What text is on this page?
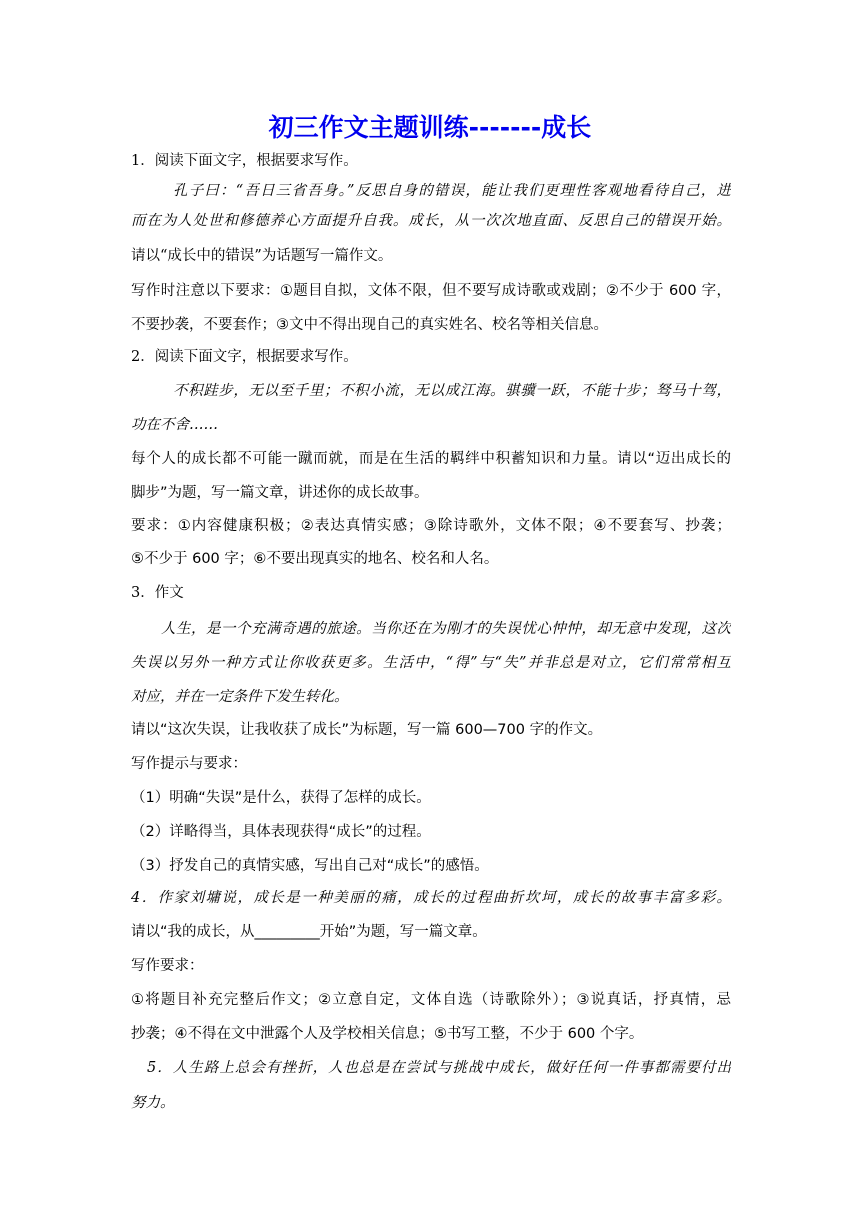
初三作文主题训练-------成长
1．阅读下面文字，根据要求写作。
孔子曰：“吾日三省吾身。”反思自身的错误，能让我们更理性客观地看待自己，进
而在为人处世和修德养心方面提升自我。成长，从一次次地直面、反思自己的错误开始。
请以“成长中的错误”为话题写一篇作文。
写作时注意以下要求：①题目自拟，文体不限，但不要写成诗歌或戏剧；②不少于 600 字，
不要抄袭，不要套作；③文中不得出现自己的真实姓名、校名等相关信息。
2．阅读下面文字，根据要求写作。
不积跬步，无以至千里；不积小流，无以成江海。骐骥一跃，不能十步；驽马十驾，
功在不舍……
每个人的成长都不可能一蹴而就，而是在生活的羁绊中积蓄知识和力量。请以“迈出成长的
脚步”为题，写一篇文章，讲述你的成长故事。
要求：①内容健康积极；②表达真情实感；③除诗歌外，文体不限；④不要套写、抄袭；
⑤不少于 600 字；⑥不要出现真实的地名、校名和人名。
3．作文
人生，是一个充满奇遇的旅途。当你还在为刚才的失误忧心忡忡，却无意中发现，这次
失误以另外一种方式让你收获更多。生活中，“得”与“失”并非总是对立，它们常常相互
对应，并在一定条件下发生转化。
请以“这次失误，让我收获了成长”为标题，写一篇 600—700 字的作文。
写作提示与要求：
（1）明确“失误”是什么，获得了怎样的成长。
（2）详略得当，具体表现获得“成长”的过程。
（3）抒发自己的真情实感，写出自己对“成长”的感悟。
4．作家刘墉说，成长是一种美丽的痛，成长的过程曲折坎坷，成长的故事丰富多彩。
请以“我的成长，从_________开始”为题，写一篇文章。
写作要求：
①将题目补充完整后作文；②立意自定，文体自选（诗歌除外）；③说真话，抒真情，忌
抄袭；④不得在文中泄露个人及学校相关信息；⑤书写工整，不少于 600 个字。
5．人生路上总会有挫折，人也总是在尝试与挑战中成长，做好任何一件事都需要付出
努力。
